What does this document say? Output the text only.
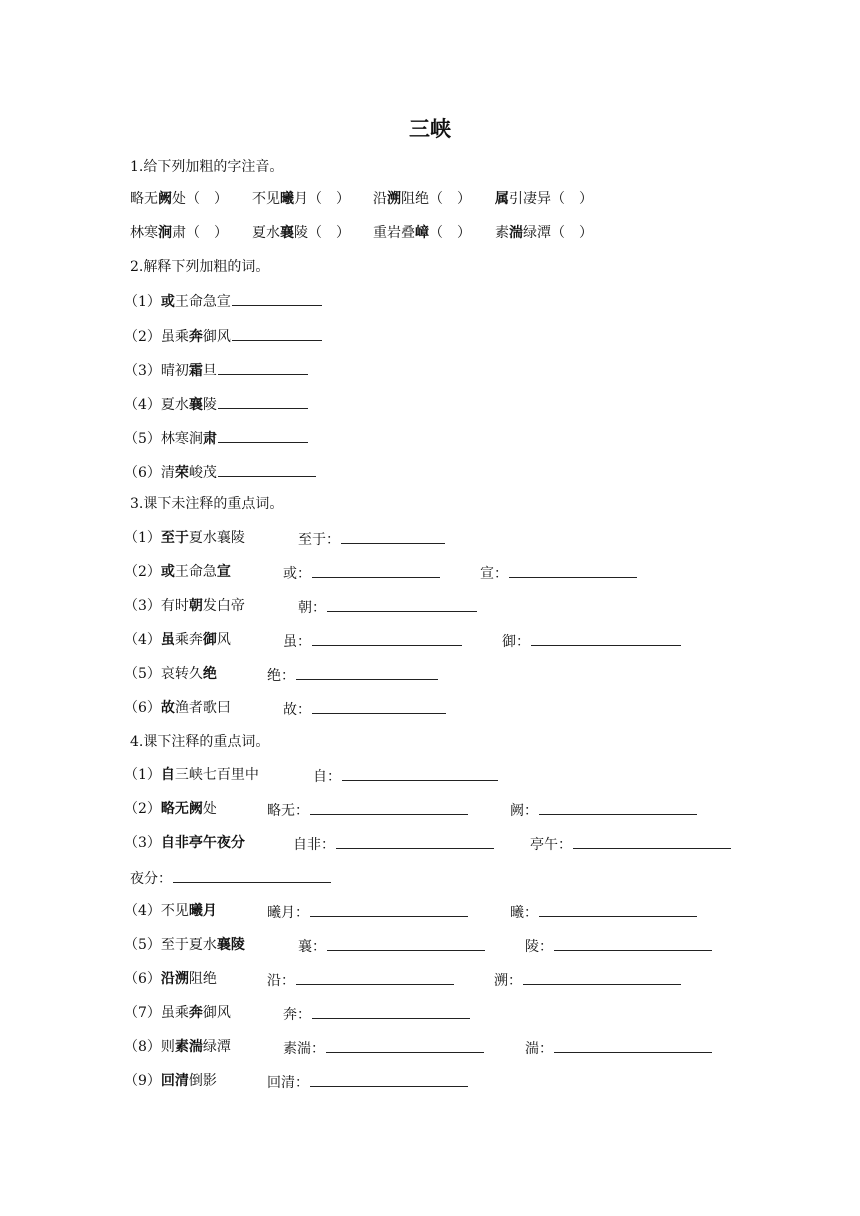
三峡
1.给下列加粗的字注音。
略无阙处（　） 不见曦月（　） 沿溯阻绝（　） 属引凄异（　）
林寒涧肃（　） 夏水襄陵（　） 重岩叠嶂（　） 素湍绿潭（　）
2.解释下列加粗的词。
（1）或王命急宣
（2）虽乘奔御风
（3）晴初霜旦
（4）夏水襄陵
（5）林寒涧肃
（6）清荣峻茂
3.课下未注释的重点词。
（1）至于夏水襄陵	至于：
（2）或王命急宣	或：	宣：
（3）有时朝发白帝	朝：
（4）虽乘奔御风	虽：	御：
（5）哀转久绝	绝：
（6）故渔者歌曰	故：
4.课下注释的重点词。
（1）自三峡七百里中	自：
（2）略无阙处	略无：	阙：
（3）自非亭午夜分	自非：	亭午：
夜分：
（4）不见曦月	曦月：	曦：
（5）至于夏水襄陵	襄：	陵：
（6）沿溯阻绝	沿：	溯：
（7）虽乘奔御风	奔：
（8）则素湍绿潭	素湍：	湍：
（9）回清倒影	回清：
